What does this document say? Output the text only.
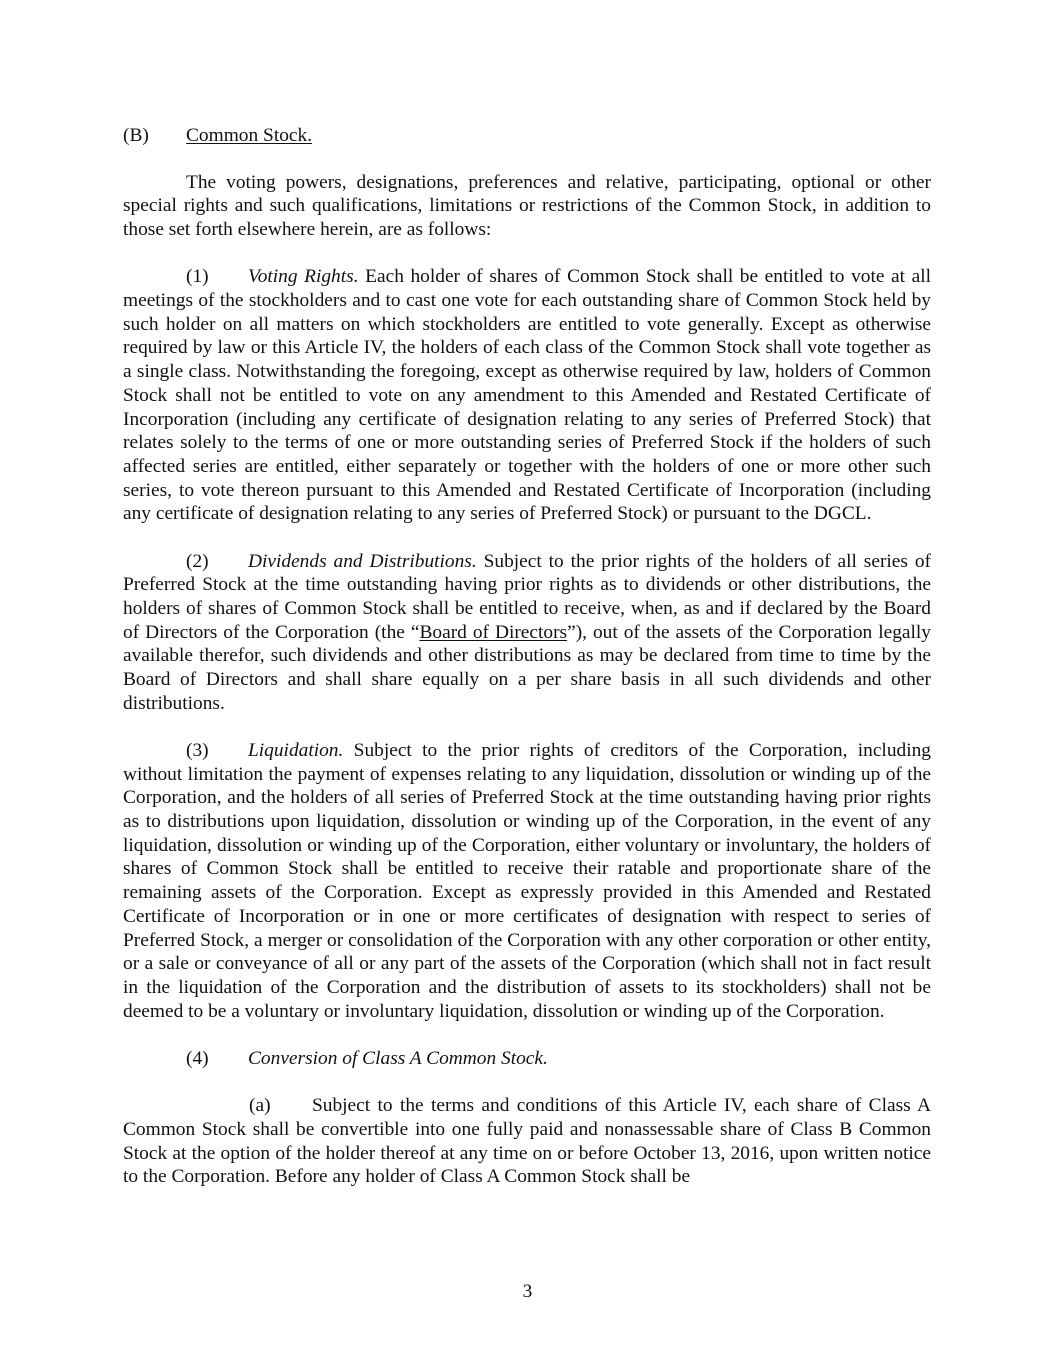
(B) Common Stock.

The voting powers, designations, preferences and relative, participating, optional or other special rights and such qualifications, limitations or restrictions of the Common Stock, in addition to those set forth elsewhere herein, are as follows:

(1) Voting Rights. Each holder of shares of Common Stock shall be entitled to vote at all meetings of the stockholders and to cast one vote for each outstanding share of Common Stock held by such holder on all matters on which stockholders are entitled to vote generally. Except as otherwise required by law or this Article IV, the holders of each class of the Common Stock shall vote together as a single class. Notwithstanding the foregoing, except as otherwise required by law, holders of Common Stock shall not be entitled to vote on any amendment to this Amended and Restated Certificate of Incorporation (including any certificate of designation relating to any series of Preferred Stock) that relates solely to the terms of one or more outstanding series of Preferred Stock if the holders of such affected series are entitled, either separately or together with the holders of one or more other such series, to vote thereon pursuant to this Amended and Restated Certificate of Incorporation (including any certificate of designation relating to any series of Preferred Stock) or pursuant to the DGCL.

(2) Dividends and Distributions. Subject to the prior rights of the holders of all series of Preferred Stock at the time outstanding having prior rights as to dividends or other distributions, the holders of shares of Common Stock shall be entitled to receive, when, as and if declared by the Board of Directors of the Corporation (the “Board of Directors”), out of the assets of the Corporation legally available therefor, such dividends and other distributions as may be declared from time to time by the Board of Directors and shall share equally on a per share basis in all such dividends and other distributions.

(3) Liquidation. Subject to the prior rights of creditors of the Corporation, including without limitation the payment of expenses relating to any liquidation, dissolution or winding up of the Corporation, and the holders of all series of Preferred Stock at the time outstanding having prior rights as to distributions upon liquidation, dissolution or winding up of the Corporation, in the event of any liquidation, dissolution or winding up of the Corporation, either voluntary or involuntary, the holders of shares of Common Stock shall be entitled to receive their ratable and proportionate share of the remaining assets of the Corporation. Except as expressly provided in this Amended and Restated Certificate of Incorporation or in one or more certificates of designation with respect to series of Preferred Stock, a merger or consolidation of the Corporation with any other corporation or other entity, or a sale or conveyance of all or any part of the assets of the Corporation (which shall not in fact result in the liquidation of the Corporation and the distribution of assets to its stockholders) shall not be deemed to be a voluntary or involuntary liquidation, dissolution or winding up of the Corporation.

(4) Conversion of Class A Common Stock.

(a) Subject to the terms and conditions of this Article IV, each share of Class A Common Stock shall be convertible into one fully paid and nonassessable share of Class B Common Stock at the option of the holder thereof at any time on or before October 13, 2016, upon written notice to the Corporation. Before any holder of Class A Common Stock shall be

3
